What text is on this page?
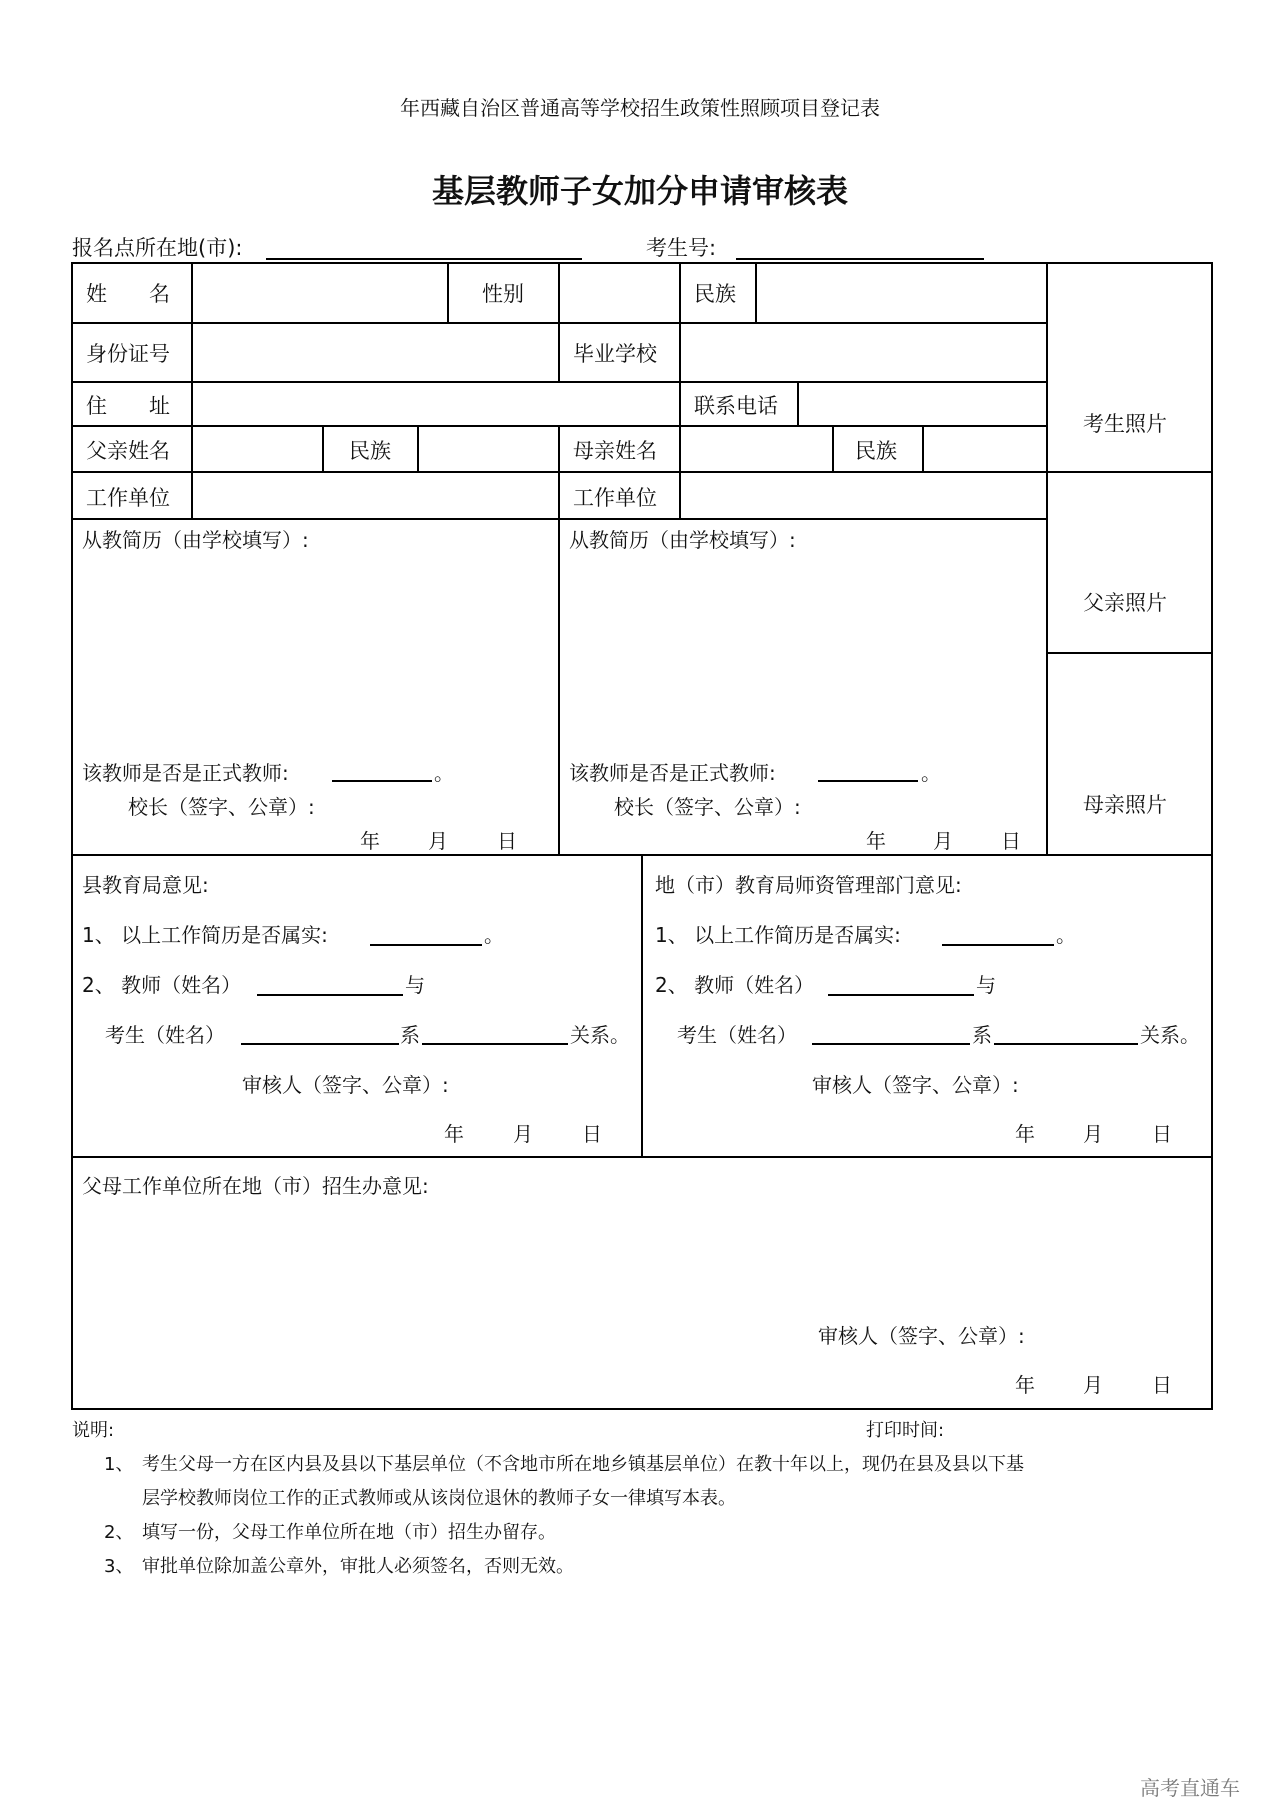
年西藏自治区普通高等学校招生政策性照顾项目登记表
基层教师子女加分申请审核表
报名点所在地(市):	考生号:
姓　　名	性别	民族
身份证号	毕业学校
住　　址	联系电话
父亲姓名	民族	母亲姓名	民族
工作单位	工作单位
考生照片
父亲照片
母亲照片
从教简历（由学校填写）:	从教简历（由学校填写）:
该教师是否是正式教师:	。	该教师是否是正式教师:	。
校长（签字、公章）:	校长（签字、公章）:
年 月 日	年 月 日
县教育局意见:
1、 以上工作简历是否属实:	。
2、 教师（姓名）	与
考生（姓名）	系	关系。
审核人（签字、公章）:
年 月 日
地（市）教育局师资管理部门意见:
1、 以上工作简历是否属实:	。
2、 教师（姓名）	与
考生（姓名）	系	关系。
审核人（签字、公章）:
年 月 日
父母工作单位所在地（市）招生办意见:
审核人（签字、公章）:
年 月 日
说明:	打印时间:
1、 考生父母一方在区内县及县以下基层单位（不含地市所在地乡镇基层单位）在教十年以上，现仍在县及县以下基
层学校教师岗位工作的正式教师或从该岗位退休的教师子女一律填写本表。
2、 填写一份，父母工作单位所在地（市）招生办留存。
3、 审批单位除加盖公章外，审批人必须签名，否则无效。
高考直通车
